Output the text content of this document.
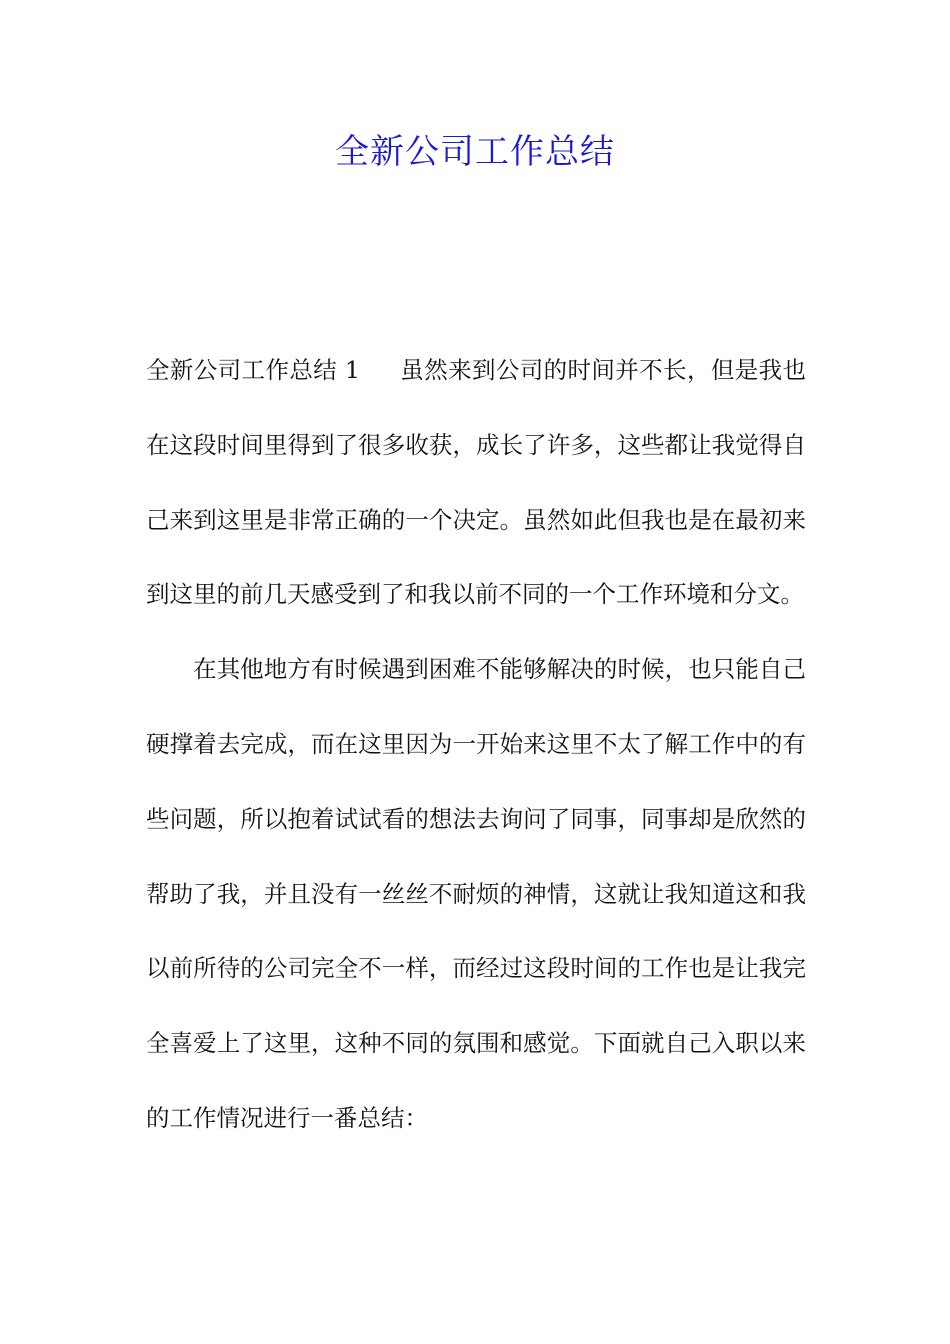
全新公司工作总结

全新公司工作总结 1 虽然来到公司的时间并不长，但是我也在这段时间里得到了很多收获，成长了许多，这些都让我觉得自己来到这里是非常正确的一个决定。虽然如此但我也是在最初来到这里的前几天感受到了和我以前不同的一个工作环境和分文。

在其他地方有时候遇到困难不能够解决的时候，也只能自己硬撑着去完成，而在这里因为一开始来这里不太了解工作中的有些问题，所以抱着试试看的想法去询问了同事，同事却是欣然的帮助了我，并且没有一丝丝不耐烦的神情，这就让我知道这和我以前所待的公司完全不一样，而经过这段时间的工作也是让我完全喜爱上了这里，这种不同的氛围和感觉。下面就自己入职以来的工作情况进行一番总结：
